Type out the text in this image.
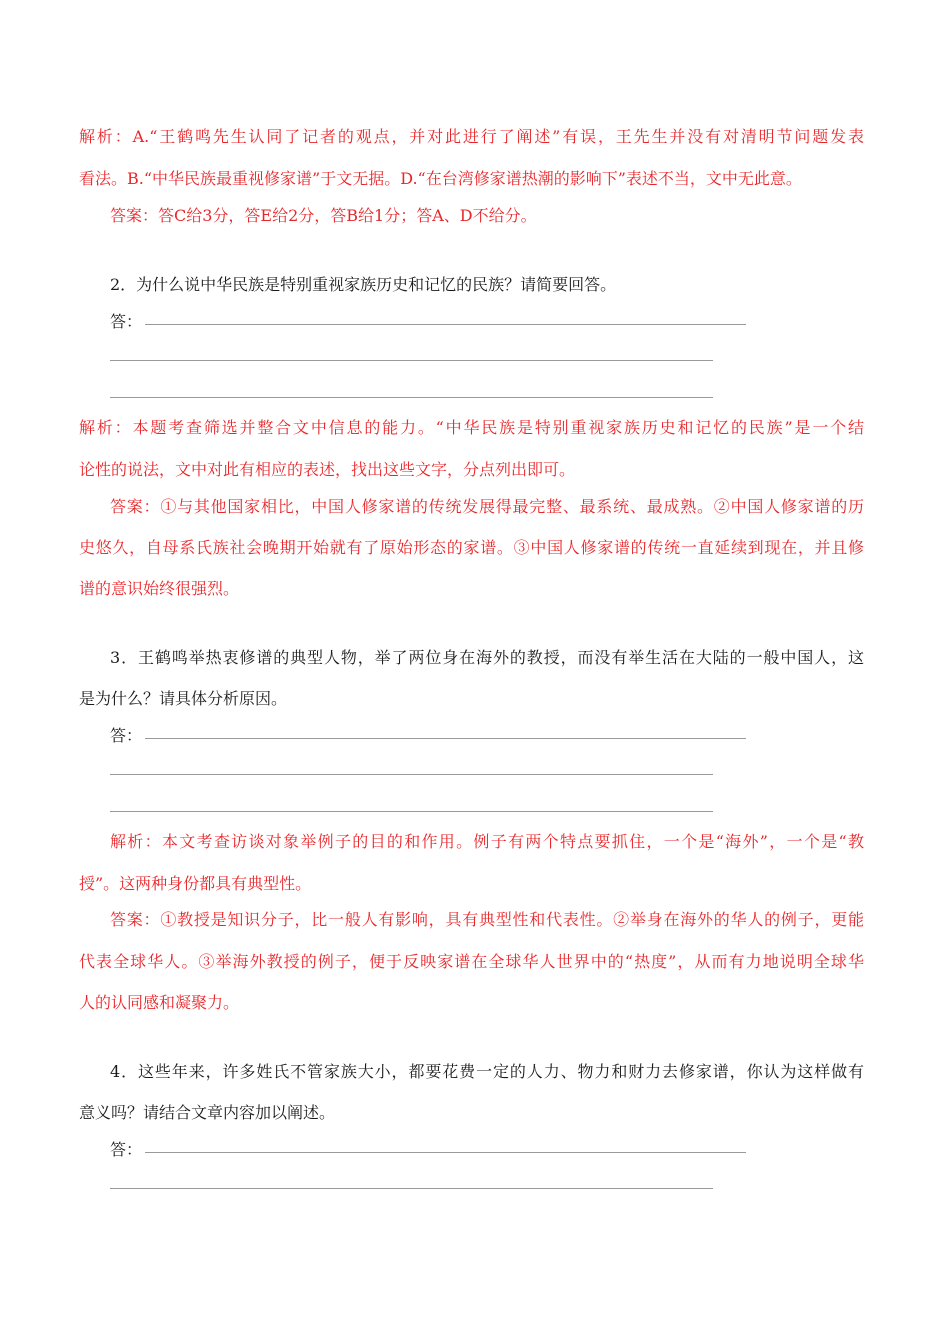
解析：A.“王鹤鸣先生认同了记者的观点，并对此进行了阐述”有误，王先生并没有对清明节问题发表
看法。B.“中华民族最重视修家谱”于文无据。D.“在台湾修家谱热潮的影响下”表述不当，文中无此意。
答案：答C给3分，答E给2分，答B给1分；答A、D不给分。
2．为什么说中华民族是特别重视家族历史和记忆的民族？请简要回答。
答：
解析：本题考查筛选并整合文中信息的能力。“中华民族是特别重视家族历史和记忆的民族”是一个结
论性的说法，文中对此有相应的表述，找出这些文字，分点列出即可。
答案：①与其他国家相比，中国人修家谱的传统发展得最完整、最系统、最成熟。②中国人修家谱的历
史悠久，自母系氏族社会晚期开始就有了原始形态的家谱。③中国人修家谱的传统一直延续到现在，并且修
谱的意识始终很强烈。
3．王鹤鸣举热衷修谱的典型人物，举了两位身在海外的教授，而没有举生活在大陆的一般中国人，这
是为什么？请具体分析原因。
答：
解析：本文考查访谈对象举例子的目的和作用。例子有两个特点要抓住，一个是“海外”，一个是“教
授”。这两种身份都具有典型性。
答案：①教授是知识分子，比一般人有影响，具有典型性和代表性。②举身在海外的华人的例子，更能
代表全球华人。③举海外教授的例子，便于反映家谱在全球华人世界中的“热度”，从而有力地说明全球华
人的认同感和凝聚力。
4．这些年来，许多姓氏不管家族大小，都要花费一定的人力、物力和财力去修家谱，你认为这样做有
意义吗？请结合文章内容加以阐述。
答：
